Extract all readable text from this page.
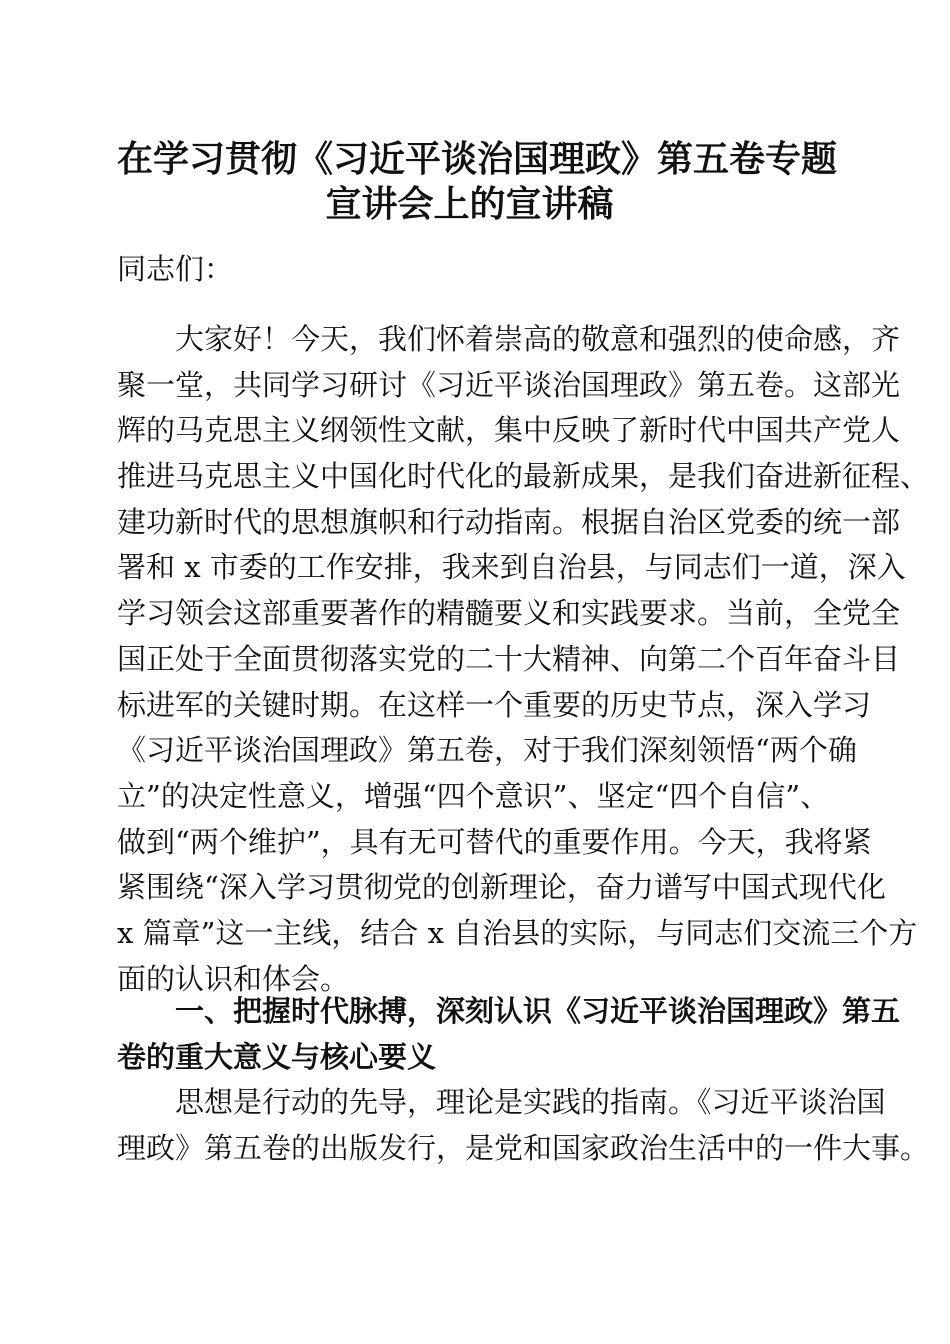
在学习贯彻《习近平谈治国理政》第五卷专题
宣讲会上的宣讲稿
同志们：
大家好！今天，我们怀着崇高的敬意和强烈的使命感，齐
聚一堂，共同学习研讨《习近平谈治国理政》第五卷。这部光
辉的马克思主义纲领性文献，集中反映了新时代中国共产党人
推进马克思主义中国化时代化的最新成果，是我们奋进新征程、
建功新时代的思想旗帜和行动指南。根据自治区党委的统一部
署和 x 市委的工作安排，我来到自治县，与同志们一道，深入
学习领会这部重要著作的精髓要义和实践要求。当前，全党全
国正处于全面贯彻落实党的二十大精神、向第二个百年奋斗目
标进军的关键时期。在这样一个重要的历史节点，深入学习
《习近平谈治国理政》第五卷，对于我们深刻领悟“两个确
立”的决定性意义，增强“四个意识”、坚定“四个自信”、
做到“两个维护”，具有无可替代的重要作用。今天，我将紧
紧围绕“深入学习贯彻党的创新理论，奋力谱写中国式现代化
x 篇章”这一主线，结合 x 自治县的实际，与同志们交流三个方
面的认识和体会。
一、把握时代脉搏，深刻认识《习近平谈治国理政》第五
卷的重大意义与核心要义
思想是行动的先导，理论是实践的指南。《习近平谈治国
理政》第五卷的出版发行，是党和国家政治生活中的一件大事。
